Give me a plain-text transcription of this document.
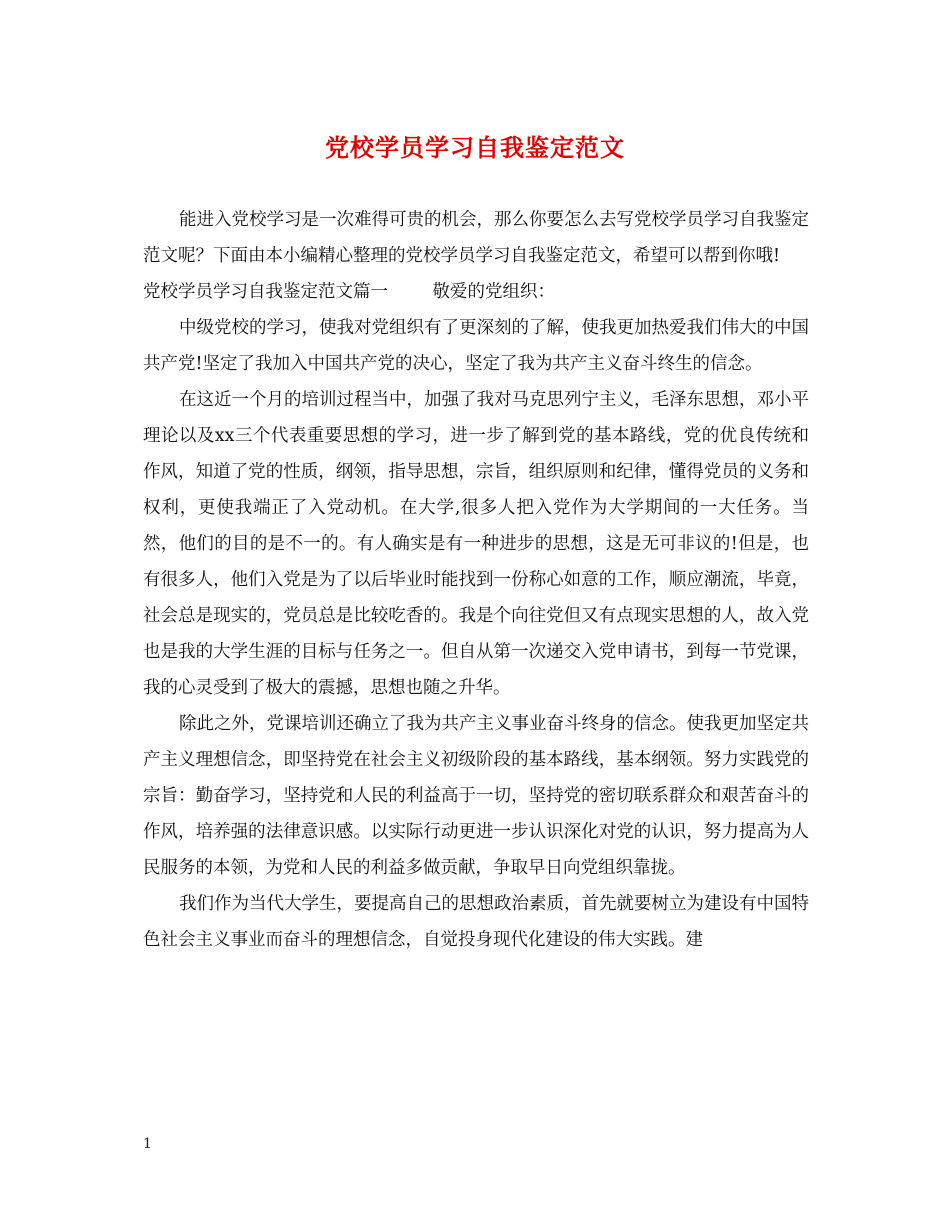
党校学员学习自我鉴定范文

能进入党校学习是一次难得可贵的机会，那么你要怎么去写党校学员学习自我鉴定范文呢？下面由本小编精心整理的党校学员学习自我鉴定范文，希望可以帮到你哦!

党校学员学习自我鉴定范文篇一	敬爱的党组织：

中级党校的学习，使我对党组织有了更深刻的了解，使我更加热爱我们伟大的中国共产党!坚定了我加入中国共产党的决心，坚定了我为共产主义奋斗终生的信念。

在这近一个月的培训过程当中，加强了我对马克思列宁主义，毛泽东思想，邓小平理论以及xx三个代表重要思想的学习，进一步了解到党的基本路线，党的优良传统和作风，知道了党的性质，纲领，指导思想，宗旨，组织原则和纪律，懂得党员的义务和权利，更使我端正了入党动机。在大学,很多人把入党作为大学期间的一大任务。当然，他们的目的是不一的。有人确实是有一种进步的思想，这是无可非议的!但是，也有很多人，他们入党是为了以后毕业时能找到一份称心如意的工作，顺应潮流，毕竟，社会总是现实的，党员总是比较吃香的。我是个向往党但又有点现实思想的人，故入党也是我的大学生涯的目标与任务之一。但自从第一次递交入党申请书，到每一节党课，我的心灵受到了极大的震撼，思想也随之升华。

除此之外，党课培训还确立了我为共产主义事业奋斗终身的信念。使我更加坚定共产主义理想信念，即坚持党在社会主义初级阶段的基本路线，基本纲领。努力实践党的宗旨：勤奋学习，坚持党和人民的利益高于一切，坚持党的密切联系群众和艰苦奋斗的作风，培养强的法律意识感。以实际行动更进一步认识深化对党的认识，努力提高为人民服务的本领，为党和人民的利益多做贡献，争取早日向党组织靠拢。

我们作为当代大学生，要提高自己的思想政治素质，首先就要树立为建设有中国特色社会主义事业而奋斗的理想信念，自觉投身现代化建设的伟大实践。建

1
